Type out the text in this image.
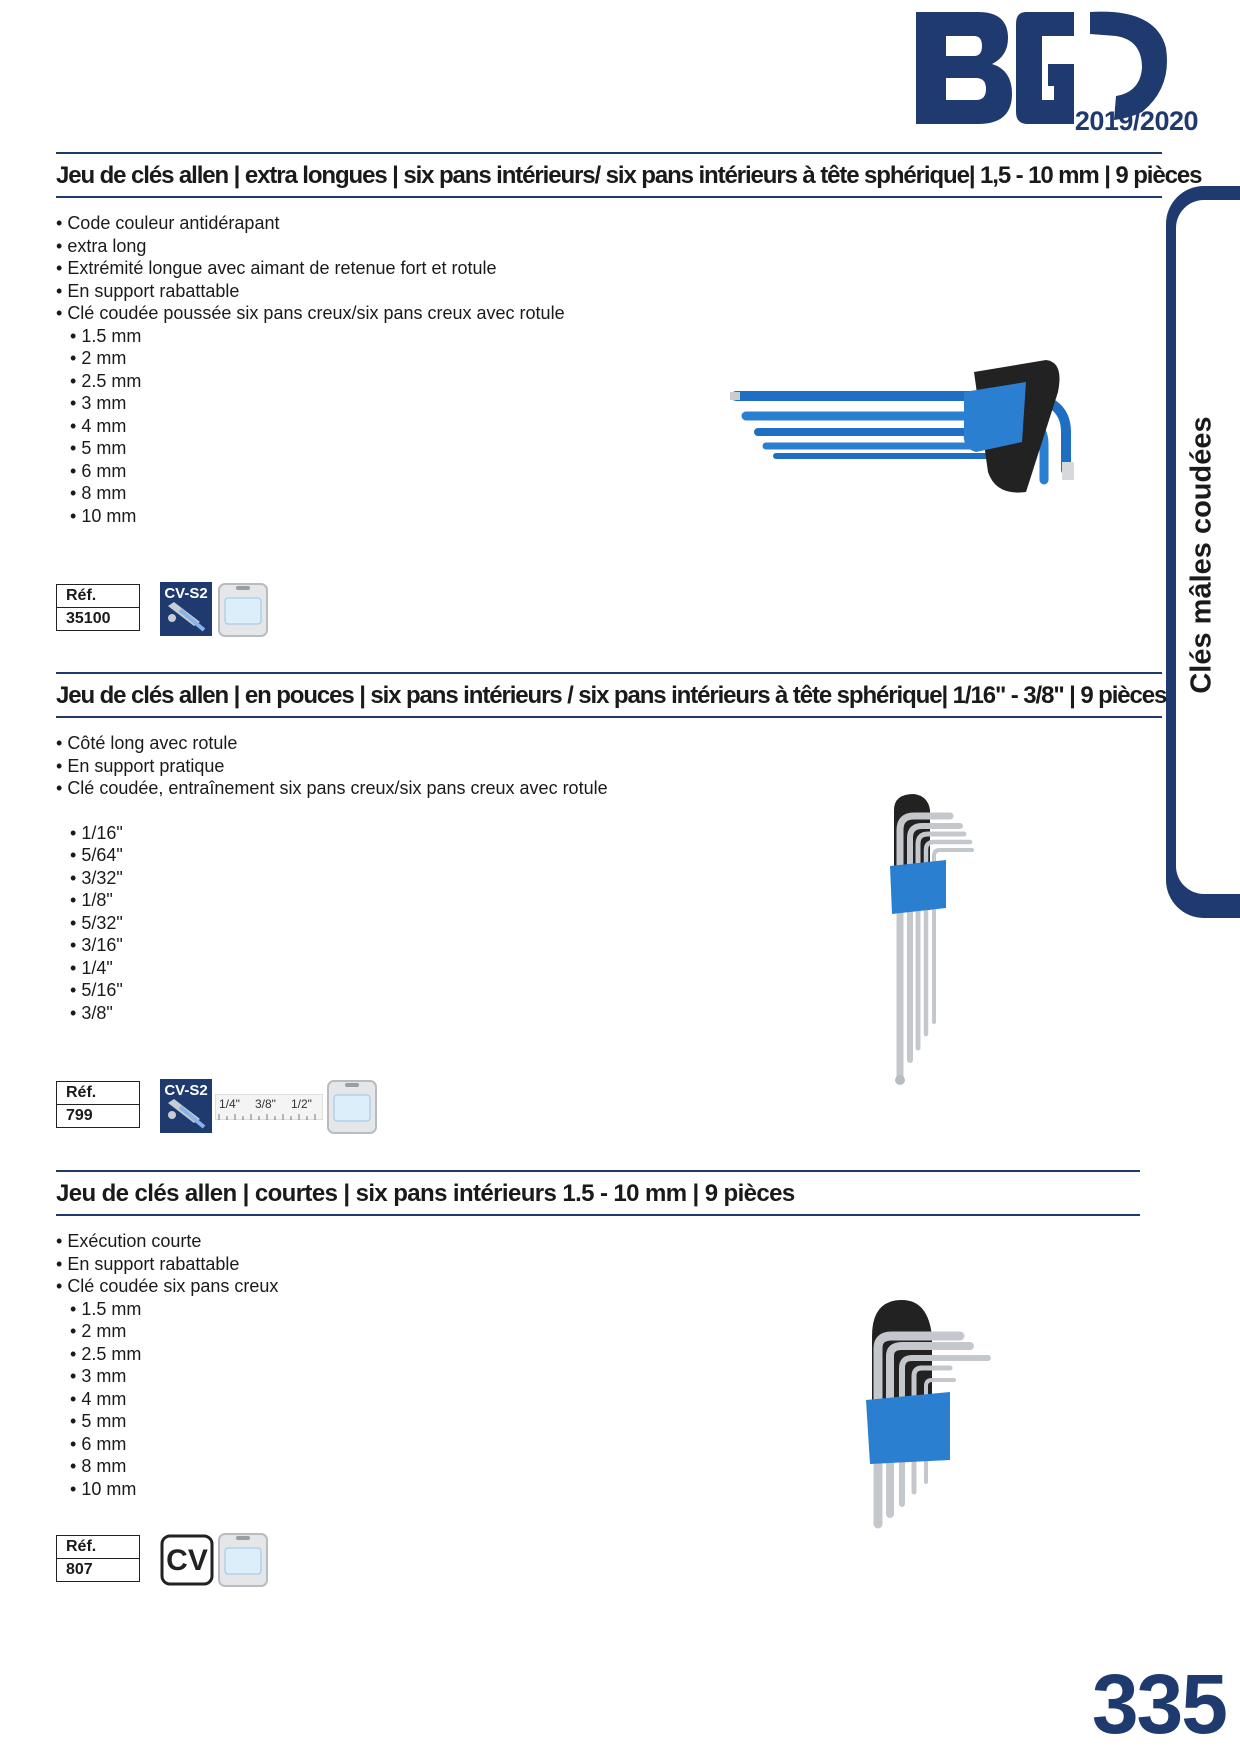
2019/2020
Clés mâles coudées
Jeu de clés allen | extra longues | six pans intérieurs/ six pans intérieurs à tête sphérique| 1,5 - 10 mm | 9 pièces
• Code couleur antidérapant
• extra long
• Extrémité longue avec aimant de retenue fort et rotule
• En support rabattable
• Clé coudée poussée six pans creux/six pans creux avec rotule
• 1.5 mm
• 2 mm
• 2.5 mm
• 3 mm
• 4 mm
• 5 mm
• 6 mm
• 8 mm
• 10 mm
Réf.
35100
CV-S2
Jeu de clés allen | en pouces | six pans intérieurs / six pans intérieurs à tête sphérique| 1/16" - 3/8" | 9 pièces
• Côté long avec rotule
• En support pratique
• Clé coudée, entraînement six pans creux/six pans creux avec rotule
• 1/16"
• 5/64"
• 3/32"
• 1/8"
• 5/32"
• 3/16"
• 1/4"
• 5/16"
• 3/8"
Réf.
799
CV-S2
1/4" 3/8" 1/2"
Jeu de clés allen | courtes | six pans intérieurs 1.5 - 10 mm | 9 pièces
• Exécution courte
• En support rabattable
• Clé coudée six pans creux
• 1.5 mm
• 2 mm
• 2.5 mm
• 3 mm
• 4 mm
• 5 mm
• 6 mm
• 8 mm
• 10 mm
Réf.
807	CV
335
